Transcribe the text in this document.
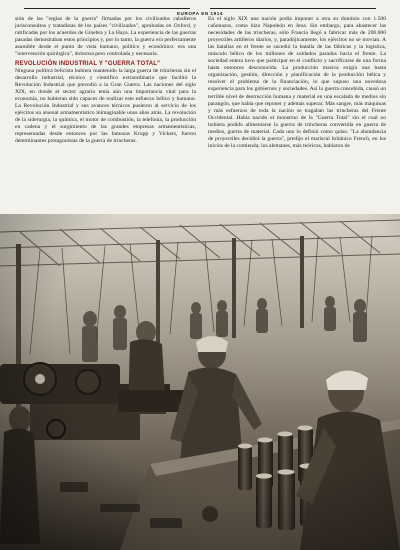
EUROPA EN 1914

sión de las "reglas de la guerra" firmadas por los civilizados caballeros jurisconsultos y tratadistas de los países "civilizados", aprobadas en Oxford, y ratificadas por los acuerdos de Ginebra y La Haya. La experiencia de las guerras pasadas demostraban estos principios y, por lo tanto, la guerra era perfectamente asumible desde el punto de vista humano, político y económico: era una "intervención quirúrgica", dolorosa pero controlada y necesaria.

REVOLUCIÓN INDUSTRIAL Y "GUERRA TOTAL"

Ninguna política belicista hubiera mantenido la larga guerra de trincheras sin el desarrollo industrial, técnico y científico extraordinario que facilitó la Revolución Industrial que precedió a la Gran Guerra. Las naciones del siglo XIX, en donde el sector agrario tenía aún una importancia vital para la economía, no hubieran sido capaces de realizar este esfuerzo bélico y humano. La Revolución Industrial y sus avances técnicos pusieron al servicio de los ejércitos un arsenal armamentístico inimaginable unos años atrás. La revolución de la siderurgia, la química, el motor de combustión, la telefonía, la producción en cadena y el surgimiento de las grandes empresas armamentísticas, representadas desde entonces por las famosas Krupp y Vickers, fueron determinantes protagonistas de la guerra de trincheras.

En el siglo XIX una nación podía imponer a otra su dominio con 1.500 cañonazos, como hizo Napoleón en Jena. Sin embargo, para abastecer las necesidades de las trincheras, sólo Francia llegó a fabricar más de 200.000 proyectiles artilleros diarios, y, paradójicamente, los ejércitos no se movían. A las batallas en el frente se sucedió la batalla de las fábricas y la logística, músculo bélico de los millones de soldados parados hacia el frente. La sociedad entera tuvo que participar en el conflicto y sacrificarse de una forma hasta entonces desconocida. La producción masiva exigía una basta organización, gestión, dirección y planificación de la producción bélica y resolver el problema de la financiación, lo que supuso una novedosa experiencia para los gobiernos y sociedades. Así la guerra concebida, causó un terrible nivel de destrucción humana y material en una escalada de medios sin parangón, que había que reponer y además superar. Más sangre, más máquinas y más esfuerzos de toda la nación se tragaban las trincheras del Frente Occidental. Había nacido el monstruo de la "Guerra Total" sin el cual no hubiera podido alimentarse la guerra de trincheras convertida en guerra de medios, guerra de material. Cada uno lo definió como quiso. "La abundancia de proyectiles decidirá la guerra", predijo el mariscal británico French, en los inicios de la contienda; los alemanes, más teóricos, hablaron de
